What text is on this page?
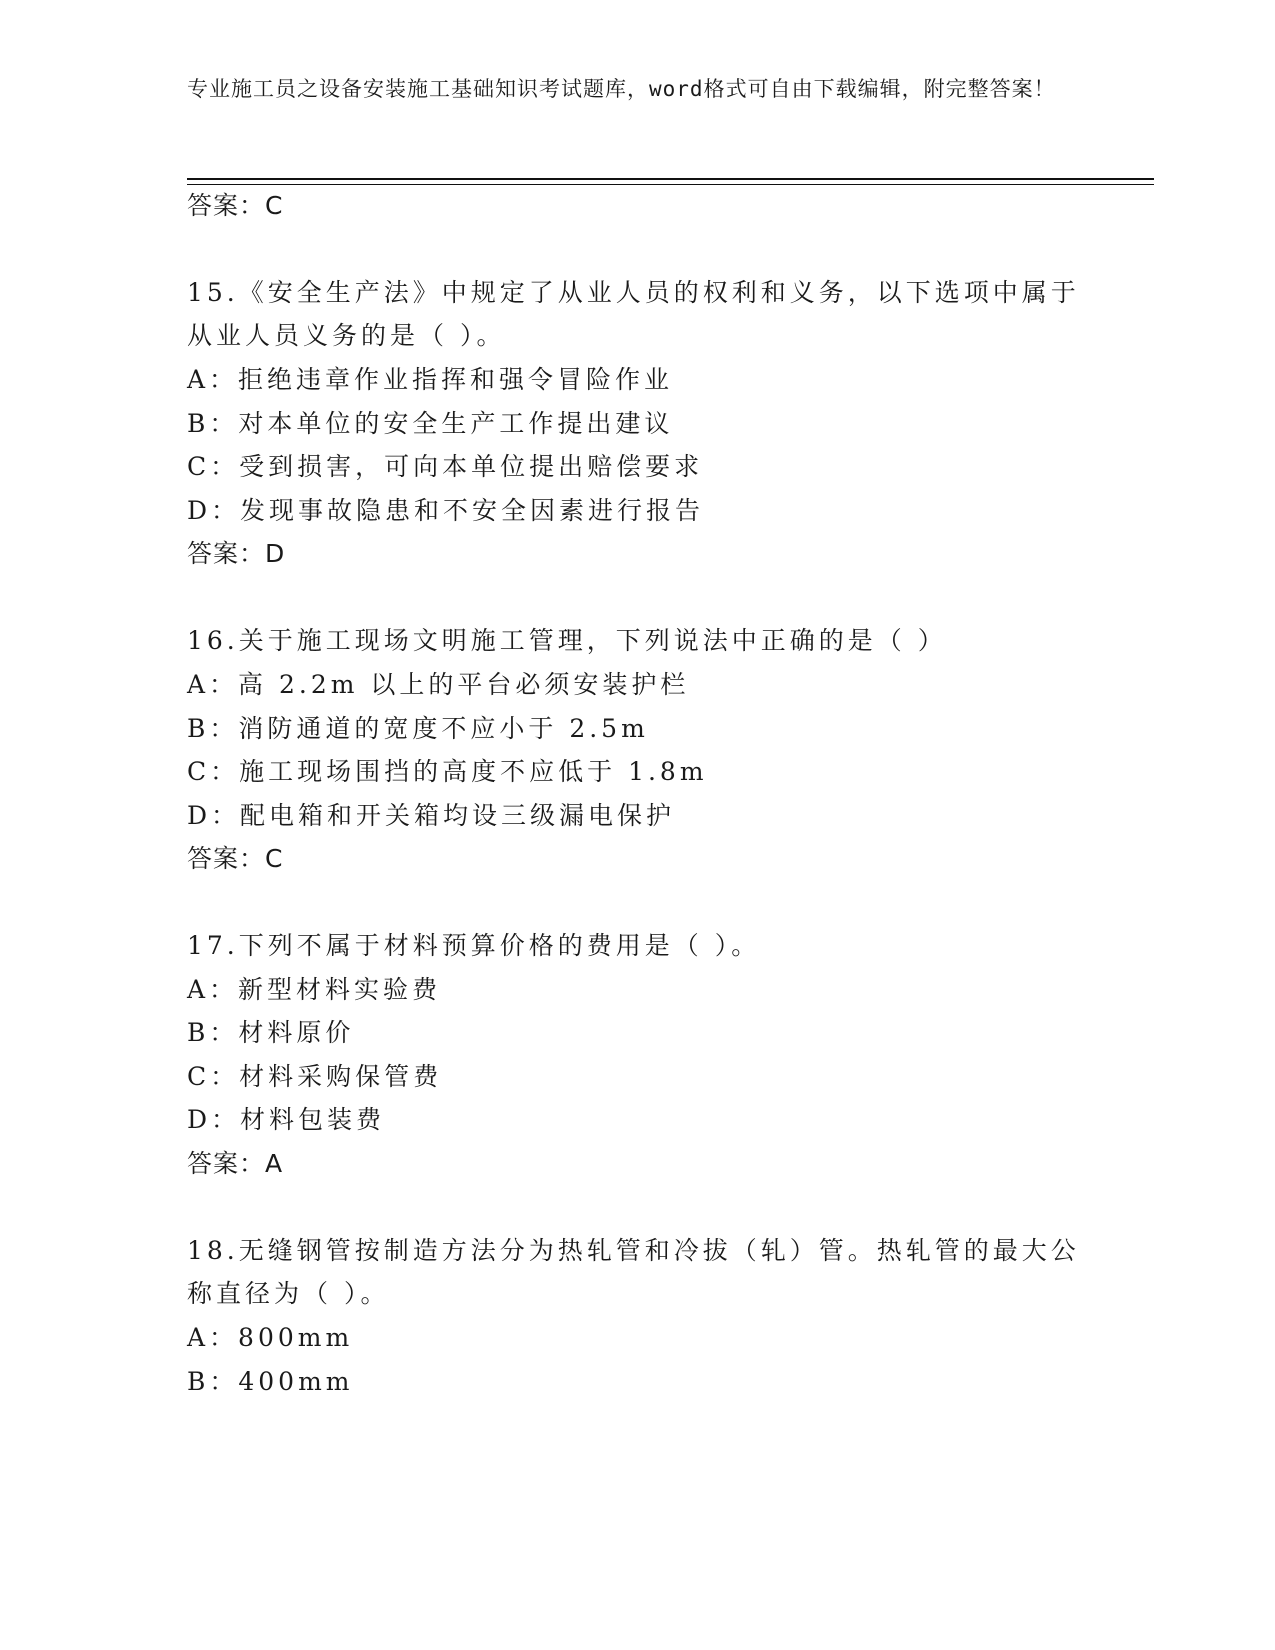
专业施工员之设备安装施工基础知识考试题库，word格式可自由下载编辑，附完整答案！
答案：C
15.《安全生产法》中规定了从业人员的权利和义务，以下选项中属于
从业人员义务的是（ ）。
A：拒绝违章作业指挥和强令冒险作业
B：对本单位的安全生产工作提出建议
C：受到损害，可向本单位提出赔偿要求
D：发现事故隐患和不安全因素进行报告
答案：D
16.关于施工现场文明施工管理，下列说法中正确的是（ ）
A：高 2.2m 以上的平台必须安装护栏
B：消防通道的宽度不应小于 2.5m
C：施工现场围挡的高度不应低于 1.8m
D：配电箱和开关箱均设三级漏电保护
答案：C
17.下列不属于材料预算价格的费用是（ ）。
A：新型材料实验费
B：材料原价
C：材料采购保管费
D：材料包装费
答案：A
18.无缝钢管按制造方法分为热轧管和冷拔（轧）管。热轧管的最大公
称直径为（ ）。
A：800mm
B：400mm
